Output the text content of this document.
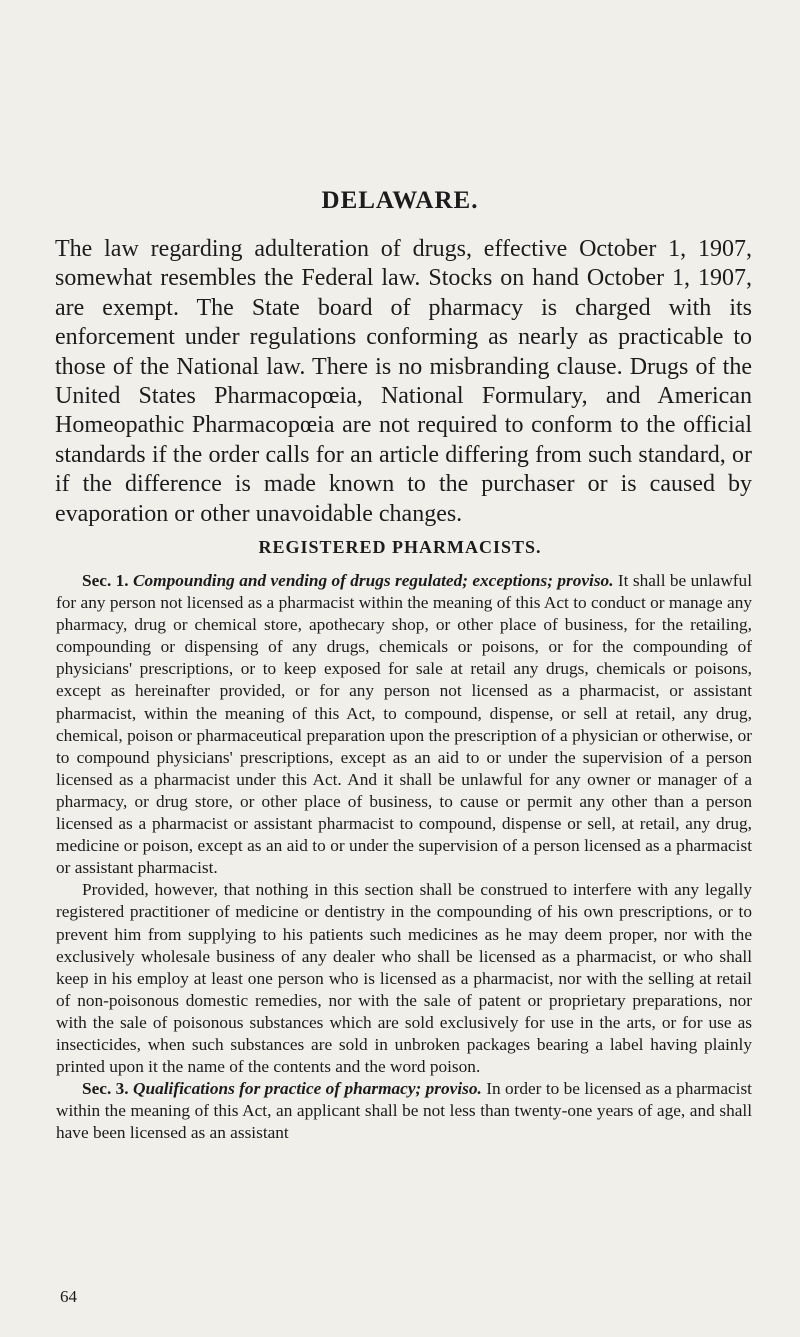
DELAWARE.
The law regarding adulteration of drugs, effective October 1, 1907, somewhat resembles the Federal law. Stocks on hand October 1, 1907, are exempt. The State board of pharmacy is charged with its enforcement under regulations conforming as nearly as practicable to those of the National law. There is no misbranding clause. Drugs of the United States Pharmacopœia, National Formulary, and American Homeopathic Pharmacopœia are not required to conform to the official standards if the order calls for an article differing from such standard, or if the difference is made known to the purchaser or is caused by evaporation or other unavoidable changes.
REGISTERED PHARMACISTS.

Sec. 1. Compounding and vending of drugs regulated; exceptions; proviso. It shall be unlawful for any person not licensed as a pharmacist within the meaning of this Act to conduct or manage any pharmacy, drug or chemical store, apothecary shop, or other place of business, for the retailing, compounding or dispensing of any drugs, chemicals or poisons, or for the compounding of physicians' prescriptions, or to keep exposed for sale at retail any drugs, chemicals or poisons, except as hereinafter provided, or for any person not licensed as a pharmacist, or assistant pharmacist, within the meaning of this Act, to compound, dispense, or sell at retail, any drug, chemical, poison or pharmaceutical preparation upon the prescription of a physician or otherwise, or to compound physicians' prescriptions, except as an aid to or under the supervision of a person licensed as a pharmacist under this Act. And it shall be unlawful for any owner or manager of a pharmacy, or drug store, or other place of business, to cause or permit any other than a person licensed as a pharmacist or assistant pharmacist to compound, dispense or sell, at retail, any drug, medicine or poison, except as an aid to or under the supervision of a person licensed as a pharmacist or assistant pharmacist.

Provided, however, that nothing in this section shall be construed to interfere with any legally registered practitioner of medicine or dentistry in the compounding of his own prescriptions, or to prevent him from supplying to his patients such medicines as he may deem proper, nor with the exclusively wholesale business of any dealer who shall be licensed as a pharmacist, or who shall keep in his employ at least one person who is licensed as a pharmacist, nor with the selling at retail of non-poisonous domestic remedies, nor with the sale of patent or proprietary preparations, nor with the sale of poisonous substances which are sold exclusively for use in the arts, or for use as insecticides, when such substances are sold in unbroken packages bearing a label having plainly printed upon it the name of the contents and the word poison.

Sec. 3. Qualifications for practice of pharmacy; proviso. In order to be licensed as a pharmacist within the meaning of this Act, an applicant shall be not less than twenty-one years of age, and shall have been licensed as an assistant

64
